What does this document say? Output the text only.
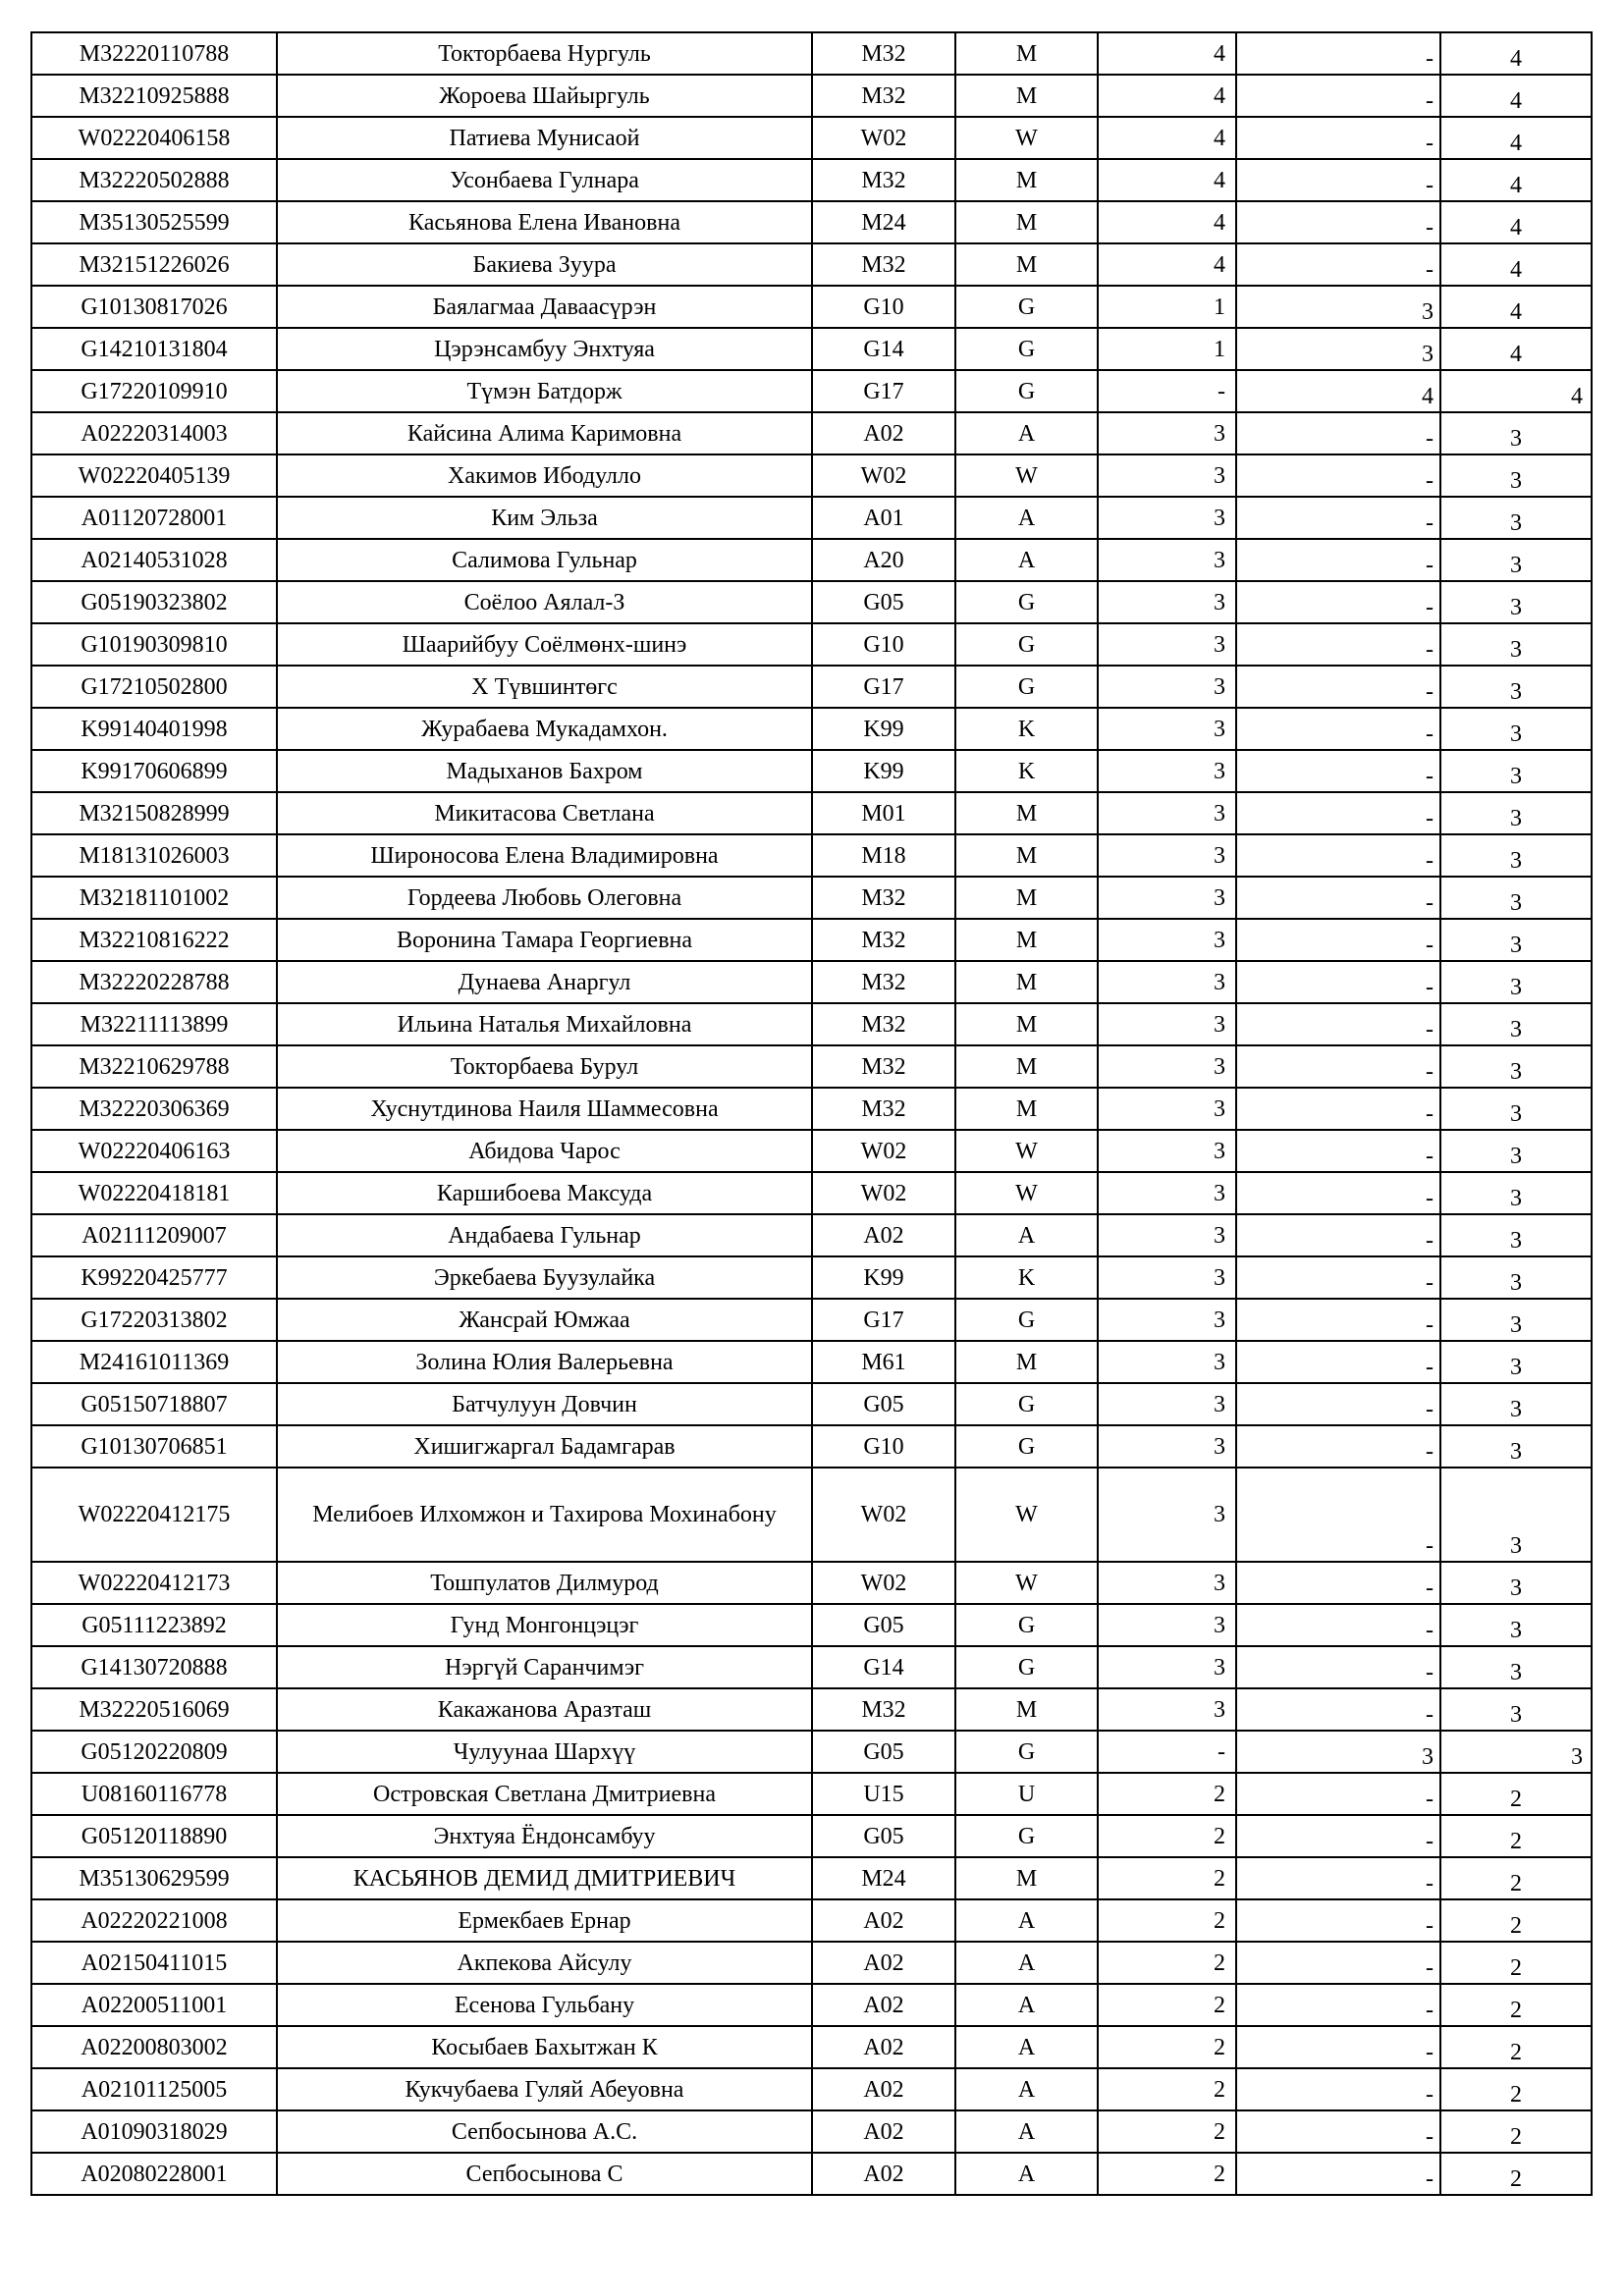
M32220110788	Токторбаева Нургуль	M32	M	4	-	4
M32210925888	Жороева Шайыргуль	M32	M	4	-	4
W02220406158	Патиева Мунисаой	W02	W	4	-	4
M32220502888	Усонбаева Гулнара	M32	M	4	-	4
M35130525599	Касьянова Елена Ивановна	M24	M	4	-	4
M32151226026	Бакиева Зуура	M32	M	4	-	4
G10130817026	Баялагмаа Даваасүрэн	G10	G	1	3	4
G14210131804	Цэрэнсамбуу Энхтуяа	G14	G	1	3	4
G17220109910	Түмэн Батдорж	G17	G	-	4	4
A02220314003	Кайсина Алима Каримовна	A02	A	3	-	3
W02220405139	Хакимов Ибодулло	W02	W	3	-	3
A01120728001	Ким Эльза	A01	A	3	-	3
A02140531028	Салимова Гульнар	A20	A	3	-	3
G05190323802	Соёлоо Аялал-З	G05	G	3	-	3
G10190309810	Шаарийбуу Соёлмөнх-шинэ	G10	G	3	-	3
G17210502800	Х Түвшинтөгс	G17	G	3	-	3
K99140401998	Журабаева Мукадамхон.	K99	K	3	-	3
K99170606899	Мадыханов Бахром	K99	K	3	-	3
M32150828999	Микитасова Светлана	M01	M	3	-	3
M18131026003	Широносова Елена Владимировна	M18	M	3	-	3
M32181101002	Гордеева Любовь Олеговна	M32	M	3	-	3
M32210816222	Воронина Тамара Георгиевна	M32	M	3	-	3
M32220228788	Дунаева Анаргул	M32	M	3	-	3
M32211113899	Ильина Наталья Михайловна	M32	M	3	-	3
M32210629788	Токторбаева Бурул	M32	M	3	-	3
M32220306369	Хуснутдинова Наиля Шаммесовна	M32	M	3	-	3
W02220406163	Абидова Чарос	W02	W	3	-	3
W02220418181	Каршибоева Максуда	W02	W	3	-	3
A02111209007	Андабаева Гульнар	A02	A	3	-	3
K99220425777	Эркебаева Буузулайка	K99	K	3	-	3
G17220313802	Жансрай Юмжаа	G17	G	3	-	3
M24161011369	Золина Юлия Валерьевна	M61	M	3	-	3
G05150718807	Батчулуун Довчин	G05	G	3	-	3
G10130706851	Хишигжаргал Бадамгарав	G10	G	3	-	3
W02220412175	Мелибоев Илхомжон и Тахирова Мохинабону	W02	W	3	-	3
W02220412173	Тошпулатов Дилмурод	W02	W	3	-	3
G05111223892	Гунд Монгонцэцэг	G05	G	3	-	3
G14130720888	Нэргүй Саранчимэг	G14	G	3	-	3
M32220516069	Какажанова Аразташ	M32	M	3	-	3
G05120220809	Чулуунаа Шархүү	G05	G	-	3	3
U08160116778	Островская Светлана Дмитриевна	U15	U	2	-	2
G05120118890	Энхтуяа Ёндонсамбуу	G05	G	2	-	2
M35130629599	КАСЬЯНОВ ДЕМИД ДМИТРИЕВИЧ	M24	M	2	-	2
A02220221008	Ермекбаев Ернар	A02	A	2	-	2
A02150411015	Акпекова Айсулу	A02	A	2	-	2
A02200511001	Есенова Гульбану	A02	A	2	-	2
A02200803002	Косыбаев Бахытжан К	A02	A	2	-	2
A02101125005	Кукчубаева Гуляй Абеуовна	A02	A	2	-	2
A01090318029	Сепбосынова А.С.	A02	A	2	-	2
A02080228001	Сепбосынова С	A02	A	2	-	2
